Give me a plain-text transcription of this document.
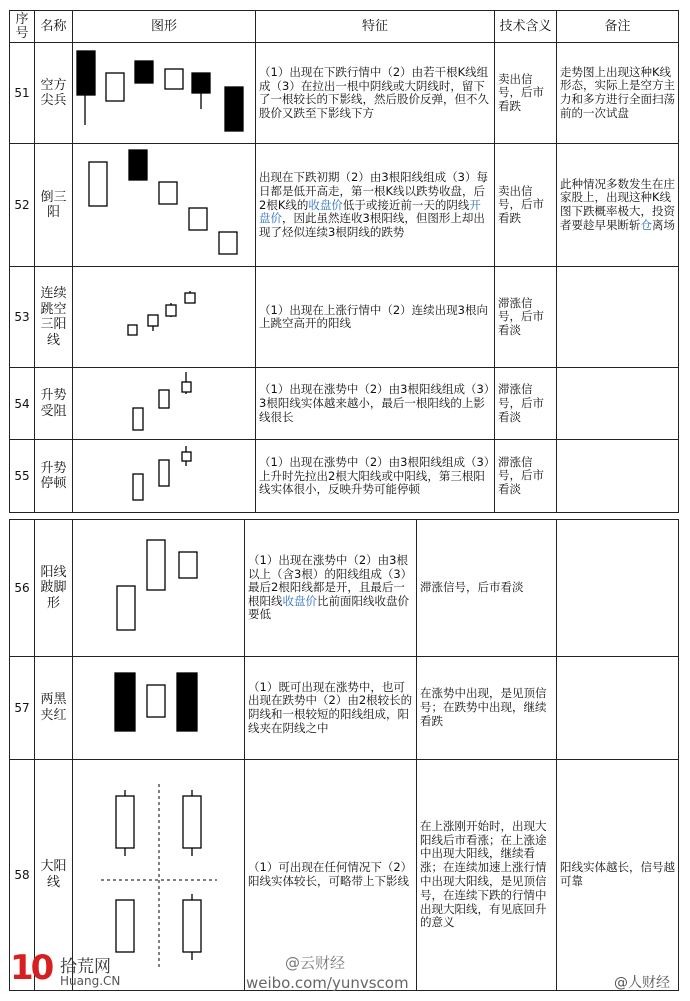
序号	名称	图形	特征	技术含义	备注
51	空方尖兵		（1）出现在下跌行情中（2）由若干根K线组成（3）在拉出一根中阴线或大阴线时，留下了一根较长的下影线，然后股价反弹，但不久股价又跌至下影线下方	卖出信号，后市看跌	走势图上出现这种K线形态，实际上是空方主力和多方进行全面扫荡前的一次试盘
52	倒三阳		出现在下跌初期（2）由3根阳线组成（3）每日都是低开高走，第一根K线以跌势收盘，后2根K线的收盘价低于或接近前一天的阴线开盘价，因此虽然连收3根阳线，但图形上却出现了烃似连续3根阴线的跌势	卖出信号，后市看跌	此种情况多数发生在庄家股上，出现这种K线图下跌概率极大，投资者要趁早果断斩仓离场
53	连续跳空三阳线		（1）出现在上涨行情中（2）连续出现3根向上跳空高开的阳线	滞涨信号，后市看淡	
54	升势受阻		（1）出现在涨势中（2）由3根阳线组成（3）3根阳线实体越来越小，最后一根阳线的上影线很长	滞涨信号，后市看淡	
55	升势停顿		（1）出现在涨势中（2）由3根阳线组成（3）上升时先拉出2根大阳线或中阳线，第三根阳线实体很小，反映升势可能停顿	滞涨信号，后市看淡	
56	阳线跛脚形		（1）出现在涨势中（2）由3根以上（含3根）的阳线组成（3）最后2根阳线都是开，且最后一根阳线收盘价比前面阳线收盘价要低	滞涨信号，后市看淡	
57	两黑夹红		（1）既可出现在涨势中，也可出现在跌势中（2）由2根较长的阴线和一根较短的阳线组成，阳线夹在阴线之中	在涨势中出现，是见顶信号；在跌势中出现，继续看跌	
58	大阳线		（1）可出现在任何情况下（2）阳线实体较长，可略带上下影线	在上涨刚开始时，出现大阳线后市看涨；在上涨途中出现大阳线，继续看涨；在连续加速上涨行情中出现大阳线，是见顶信号，在连续下跌的行情中出现大阳线，有见底回升的意义	阳线实体越长，信号越可靠
10 拾荒网
Huang.CN
@云财经
weibo.com/yunvscom	@人财经
